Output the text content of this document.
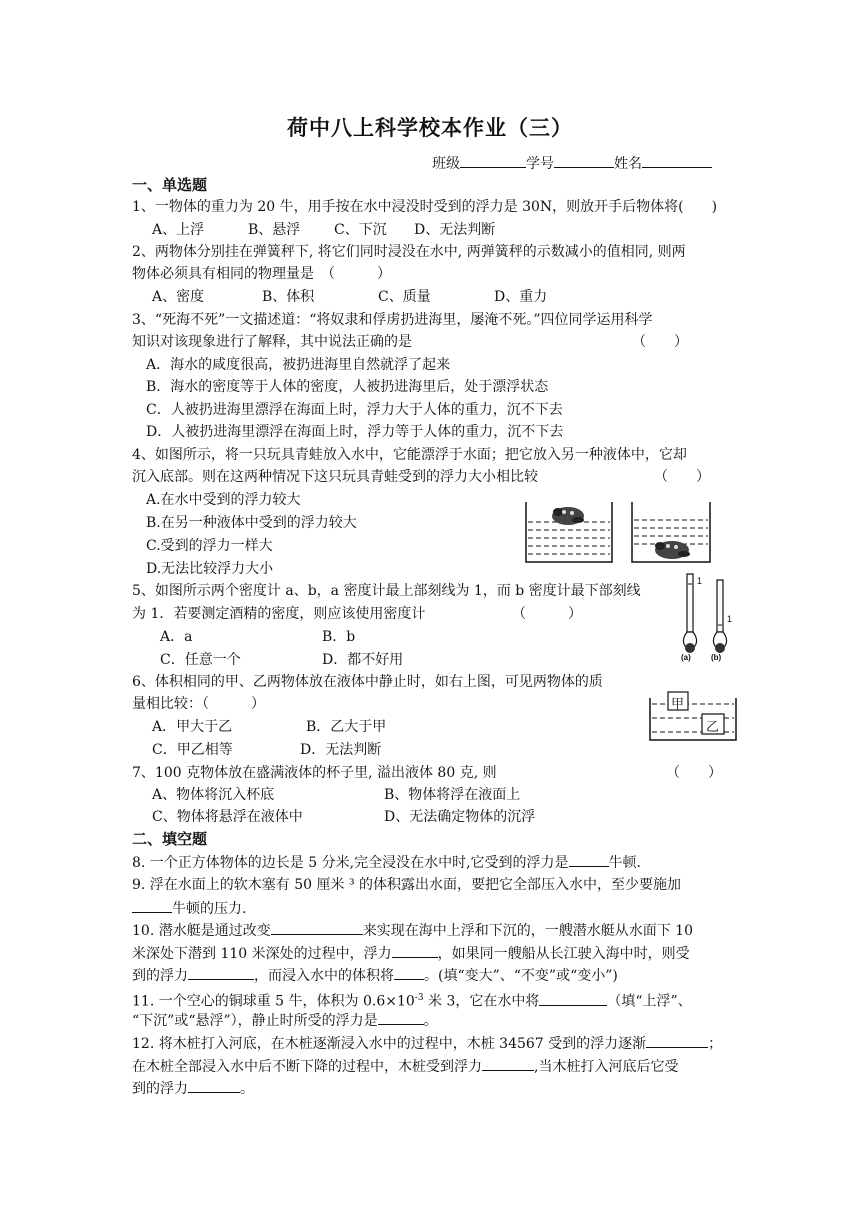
荷中八上科学校本作业（三）
班级	学号	姓名
一、单选题
1、一物体的重力为 20 牛，用手按在水中浸没时受到的浮力是 30N，则放开手后物体将(　　)
A、上浮	B、悬浮 C、下沉 D、无法判断
2、两物体分别挂在弹簧秤下, 将它们同时浸没在水中, 两弹簧秤的示数减小的值相同, 则两
物体必须具有相同的物理量是　（　　　）
A、密度	B、体积	C、质量	D、重力
3、“死海不死”一文描述道：“将奴隶和俘虏扔进海里，屡淹不死。”四位同学运用科学
知识对该现象进行了解释，其中说法正确的是	（　　）
A．海水的咸度很高，被扔进海里自然就浮了起来
B．海水的密度等于人体的密度，人被扔进海里后，处于漂浮状态
C．人被扔进海里漂浮在海面上时，浮力大于人体的重力，沉不下去
D．人被扔进海里漂浮在海面上时，浮力等于人体的重力，沉不下去
4、如图所示，将一只玩具青蛙放入水中，它能漂浮于水面；把它放入另一种液体中，它却
沉入底部。则在这两种情况下这只玩具青蛙受到的浮力大小相比较	（　　）
A.在水中受到的浮力较大
B.在另一种液体中受到的浮力较大
C.受到的浮力一样大
D.无法比较浮力大小
5、如图所示两个密度计 a、b，a 密度计最上部刻线为 1，而 b 密度计最下部刻线
为 1．若要测定酒精的密度，则应该使用密度计	（　　　）
A．a	B．b
C．任意一个	D．都不好用
1
1
(a)	(b)
6、体积相同的甲、乙两物体放在液体中静止时，如右上图，可见两物体的质
量相比较：（　　　）
A．甲大于乙	B．乙大于甲
C．甲乙相等	D．无法判断
甲
乙
7、100 克物体放在盛满液体的杯子里, 溢出液体 80 克, 则	（　　）
A、物体将沉入杯底	B、物体将浮在液面上
C、物体将悬浮在液体中	D、无法确定物体的沉浮
二、填空题
8. 一个正方体物体的边长是 5 分米,完全浸没在水中时,它受到的浮力是	牛顿.
9. 浮在水面上的软木塞有 50 厘米 ³ 的体积露出水面，要把它全部压入水中，至少要施加
牛顿的压力.
10. 潜水艇是通过改变	来实现在海中上浮和下沉的，一艘潜水艇从水面下 10
米深处下潜到 110 米深处的过程中，浮力	，如果同一艘船从长江驶入海中时，则受
到的浮力	，而浸入水中的体积将 。(填“变大”、“不变”或“变小”)
11. 一个空心的铜球重 5 牛，体积为 $0.6\times 10^{-3}$ 米 3，它在水中将	（填“上浮”、
“下沉”或“悬浮”），静止时所受的浮力是	。
12. 将木桩打入河底，在木桩逐渐浸入水中的过程中，木桩 34567 受到的浮力逐渐	；
在木桩全部浸入水中后不断下降的过程中，木桩受到浮力	,当木桩打入河底后它受
到的浮力	。
